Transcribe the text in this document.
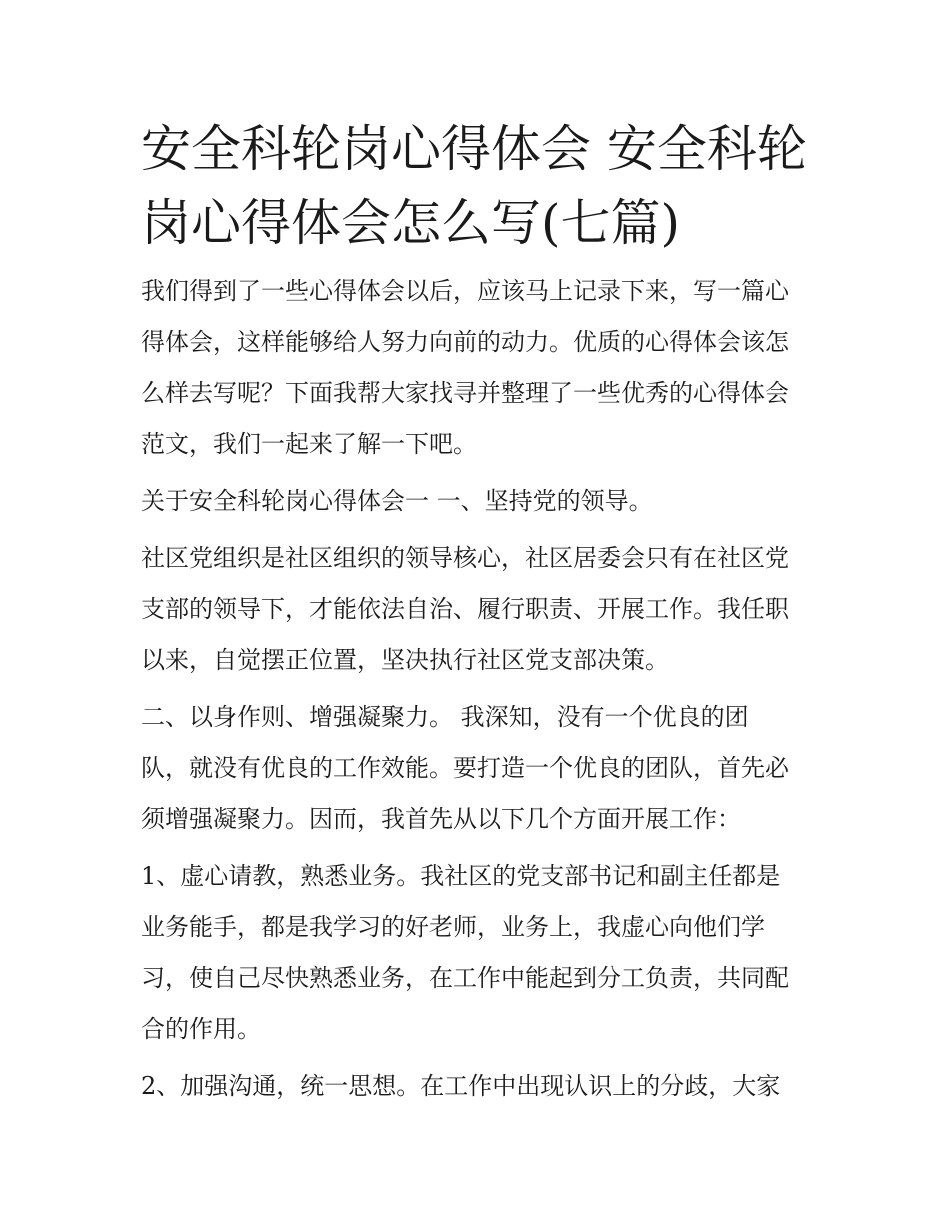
安全科轮岗心得体会 安全科轮
岗心得体会怎么写(七篇)

我们得到了一些心得体会以后，应该马上记录下来，写一篇心
得体会，这样能够给人努力向前的动力。优质的心得体会该怎
么样去写呢？下面我帮大家找寻并整理了一些优秀的心得体会
范文，我们一起来了解一下吧。

关于安全科轮岗心得体会一 一、坚持党的领导。

社区党组织是社区组织的领导核心，社区居委会只有在社区党
支部的领导下，才能依法自治、履行职责、开展工作。我任职
以来，自觉摆正位置，坚决执行社区党支部决策。

二、以身作则、增强凝聚力。 我深知，没有一个优良的团
队，就没有优良的工作效能。要打造一个优良的团队，首先必
须增强凝聚力。因而，我首先从以下几个方面开展工作：

1、虚心请教，熟悉业务。我社区的党支部书记和副主任都是
业务能手，都是我学习的好老师，业务上，我虚心向他们学
习，使自己尽快熟悉业务，在工作中能起到分工负责，共同配
合的作用。

2、加强沟通，统一思想。在工作中出现认识上的分歧，大家
